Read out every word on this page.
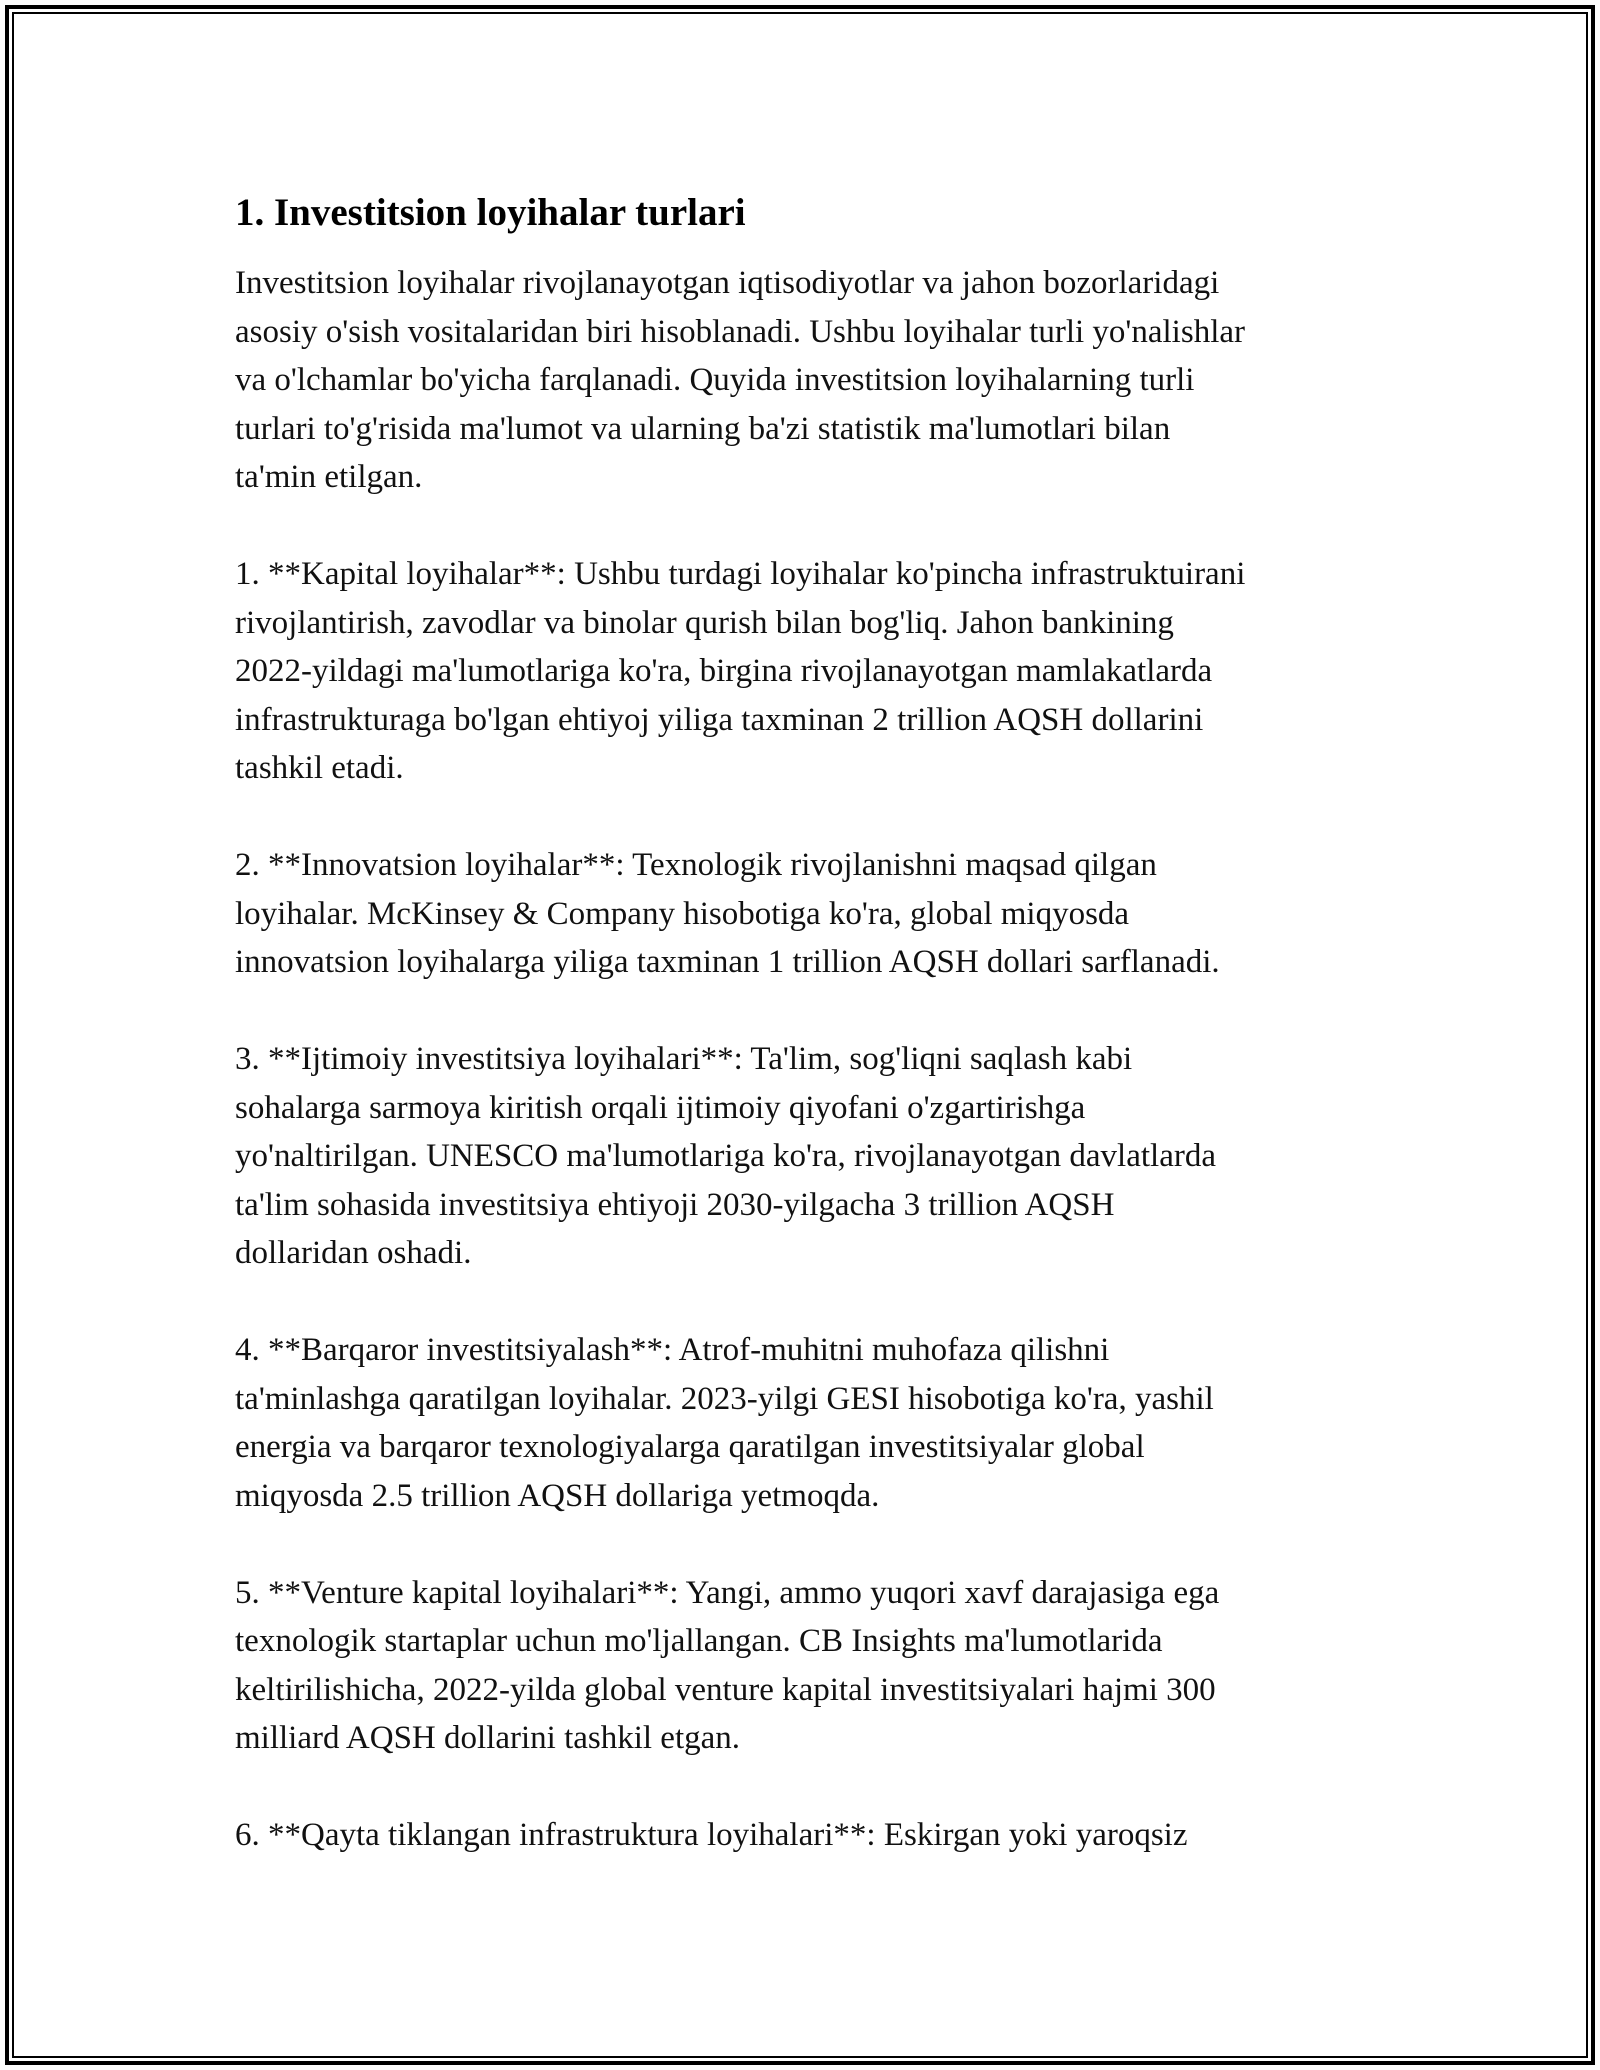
1. Investitsion loyihalar turlari

Investitsion loyihalar rivojlanayotgan iqtisodiyotlar va jahon bozorlaridagi
asosiy o'sish vositalaridan biri hisoblanadi. Ushbu loyihalar turli yo'nalishlar
va o'lchamlar bo'yicha farqlanadi. Quyida investitsion loyihalarning turli
turlari to'g'risida ma'lumot va ularning ba'zi statistik ma'lumotlari bilan
ta'min etilgan.

1. **Kapital loyihalar**: Ushbu turdagi loyihalar ko'pincha infrastruktuirani
rivojlantirish, zavodlar va binolar qurish bilan bog'liq. Jahon bankining
2022-yildagi ma'lumotlariga ko'ra, birgina rivojlanayotgan mamlakatlarda
infrastrukturaga bo'lgan ehtiyoj yiliga taxminan 2 trillion AQSH dollarini
tashkil etadi.

2. **Innovatsion loyihalar**: Texnologik rivojlanishni maqsad qilgan
loyihalar. McKinsey & Company hisobotiga ko'ra, global miqyosda
innovatsion loyihalarga yiliga taxminan 1 trillion AQSH dollari sarflanadi.

3. **Ijtimoiy investitsiya loyihalari**: Ta'lim, sog'liqni saqlash kabi
sohalarga sarmoya kiritish orqali ijtimoiy qiyofani o'zgartirishga
yo'naltirilgan. UNESCO ma'lumotlariga ko'ra, rivojlanayotgan davlatlarda
ta'lim sohasida investitsiya ehtiyoji 2030-yilgacha 3 trillion AQSH
dollaridan oshadi.

4. **Barqaror investitsiyalash**: Atrof-muhitni muhofaza qilishni
ta'minlashga qaratilgan loyihalar. 2023-yilgi GESI hisobotiga ko'ra, yashil
energia va barqaror texnologiyalarga qaratilgan investitsiyalar global
miqyosda 2.5 trillion AQSH dollariga yetmoqda.

5. **Venture kapital loyihalari**: Yangi, ammo yuqori xavf darajasiga ega
texnologik startaplar uchun mo'ljallangan. CB Insights ma'lumotlarida
keltirilishicha, 2022-yilda global venture kapital investitsiyalari hajmi 300
milliard AQSH dollarini tashkil etgan.

6. **Qayta tiklangan infrastruktura loyihalari**: Eskirgan yoki yaroqsiz
